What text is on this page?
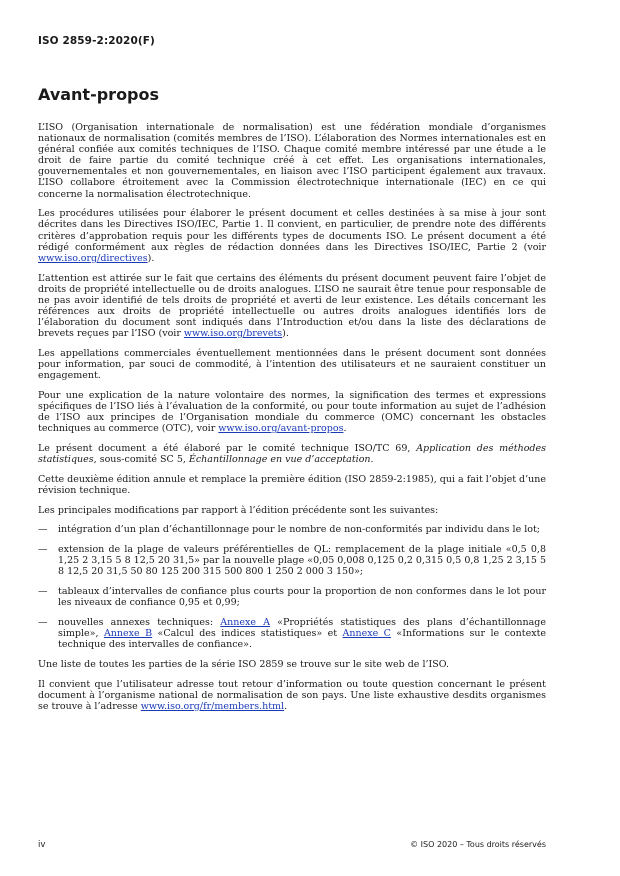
ISO 2859-2:2020(F)
Avant-propos

L’ISO (Organisation internationale de normalisation) est une fédération mondiale d’organismes nationaux de normalisation (comités membres de l’ISO). L’élaboration des Normes internationales est en général confiée aux comités techniques de l’ISO. Chaque comité membre intéressé par une étude a le droit de faire partie du comité technique créé à cet effet. Les organisations internationales, gouvernementales et non gouvernementales, en liaison avec l’ISO participent également aux travaux. L’ISO collabore étroitement avec la Commission électrotechnique internationale (IEC) en ce qui concerne la normalisation électrotechnique.

Les procédures utilisées pour élaborer le présent document et celles destinées à sa mise à jour sont décrites dans les Directives ISO/IEC, Partie 1. Il convient, en particulier, de prendre note des différents critères d’approbation requis pour les différents types de documents ISO. Le présent document a été rédigé conformément aux règles de rédaction données dans les Directives ISO/IEC, Partie 2 (voir www.iso.org/directives).

L’attention est attirée sur le fait que certains des éléments du présent document peuvent faire l’objet de droits de propriété intellectuelle ou de droits analogues. L’ISO ne saurait être tenue pour responsable de ne pas avoir identifié de tels droits de propriété et averti de leur existence. Les détails concernant les références aux droits de propriété intellectuelle ou autres droits analogues identifiés lors de l’élaboration du document sont indiqués dans l’Introduction et/ou dans la liste des déclarations de brevets reçues par l’ISO (voir www.iso.org/brevets).

Les appellations commerciales éventuellement mentionnées dans le présent document sont données pour information, par souci de commodité, à l’intention des utilisateurs et ne sauraient constituer un engagement.

Pour une explication de la nature volontaire des normes, la signification des termes et expressions spécifiques de l’ISO liés à l’évaluation de la conformité, ou pour toute information au sujet de l’adhésion de l’ISO aux principes de l’Organisation mondiale du commerce (OMC) concernant les obstacles techniques au commerce (OTC), voir www.iso.org/avant-propos.

Le présent document a été élaboré par le comité technique ISO/TC 69, Application des méthodes statistiques, sous-comité SC 5, Échantillonnage en vue d’acceptation.

Cette deuxième édition annule et remplace la première édition (ISO 2859-2:1985), qui a fait l’objet d’une révision technique.

Les principales modifications par rapport à l’édition précédente sont les suivantes:

—	intégration d’un plan d’échantillonnage pour le nombre de non-conformités par individu dans le lot;
—	extension de la plage de valeurs préférentielles de QL: remplacement de la plage initiale «0,5 0,8 1,25 2 3,15 5 8 12,5 20 31,5» par la nouvelle plage «0,05 0,008 0,125 0,2 0,315 0,5 0,8 1,25 2 3,15 5 8 12,5 20 31,5 50 80 125 200 315 500 800 1 250 2 000 3 150»;
—	tableaux d’intervalles de confiance plus courts pour la proportion de non conformes dans le lot pour les niveaux de confiance 0,95 et 0,99;
—	nouvelles annexes techniques: Annexe A «Propriétés statistiques des plans d’échantillonnage simple», Annexe B «Calcul des indices statistiques» et Annexe C «Informations sur le contexte technique des intervalles de confiance».

Une liste de toutes les parties de la série ISO 2859 se trouve sur le site web de l’ISO.

Il convient que l’utilisateur adresse tout retour d’information ou toute question concernant le présent document à l’organisme national de normalisation de son pays. Une liste exhaustive desdits organismes se trouve à l’adresse www.iso.org/fr/members.html.

iv	© ISO 2020 – Tous droits réservés
